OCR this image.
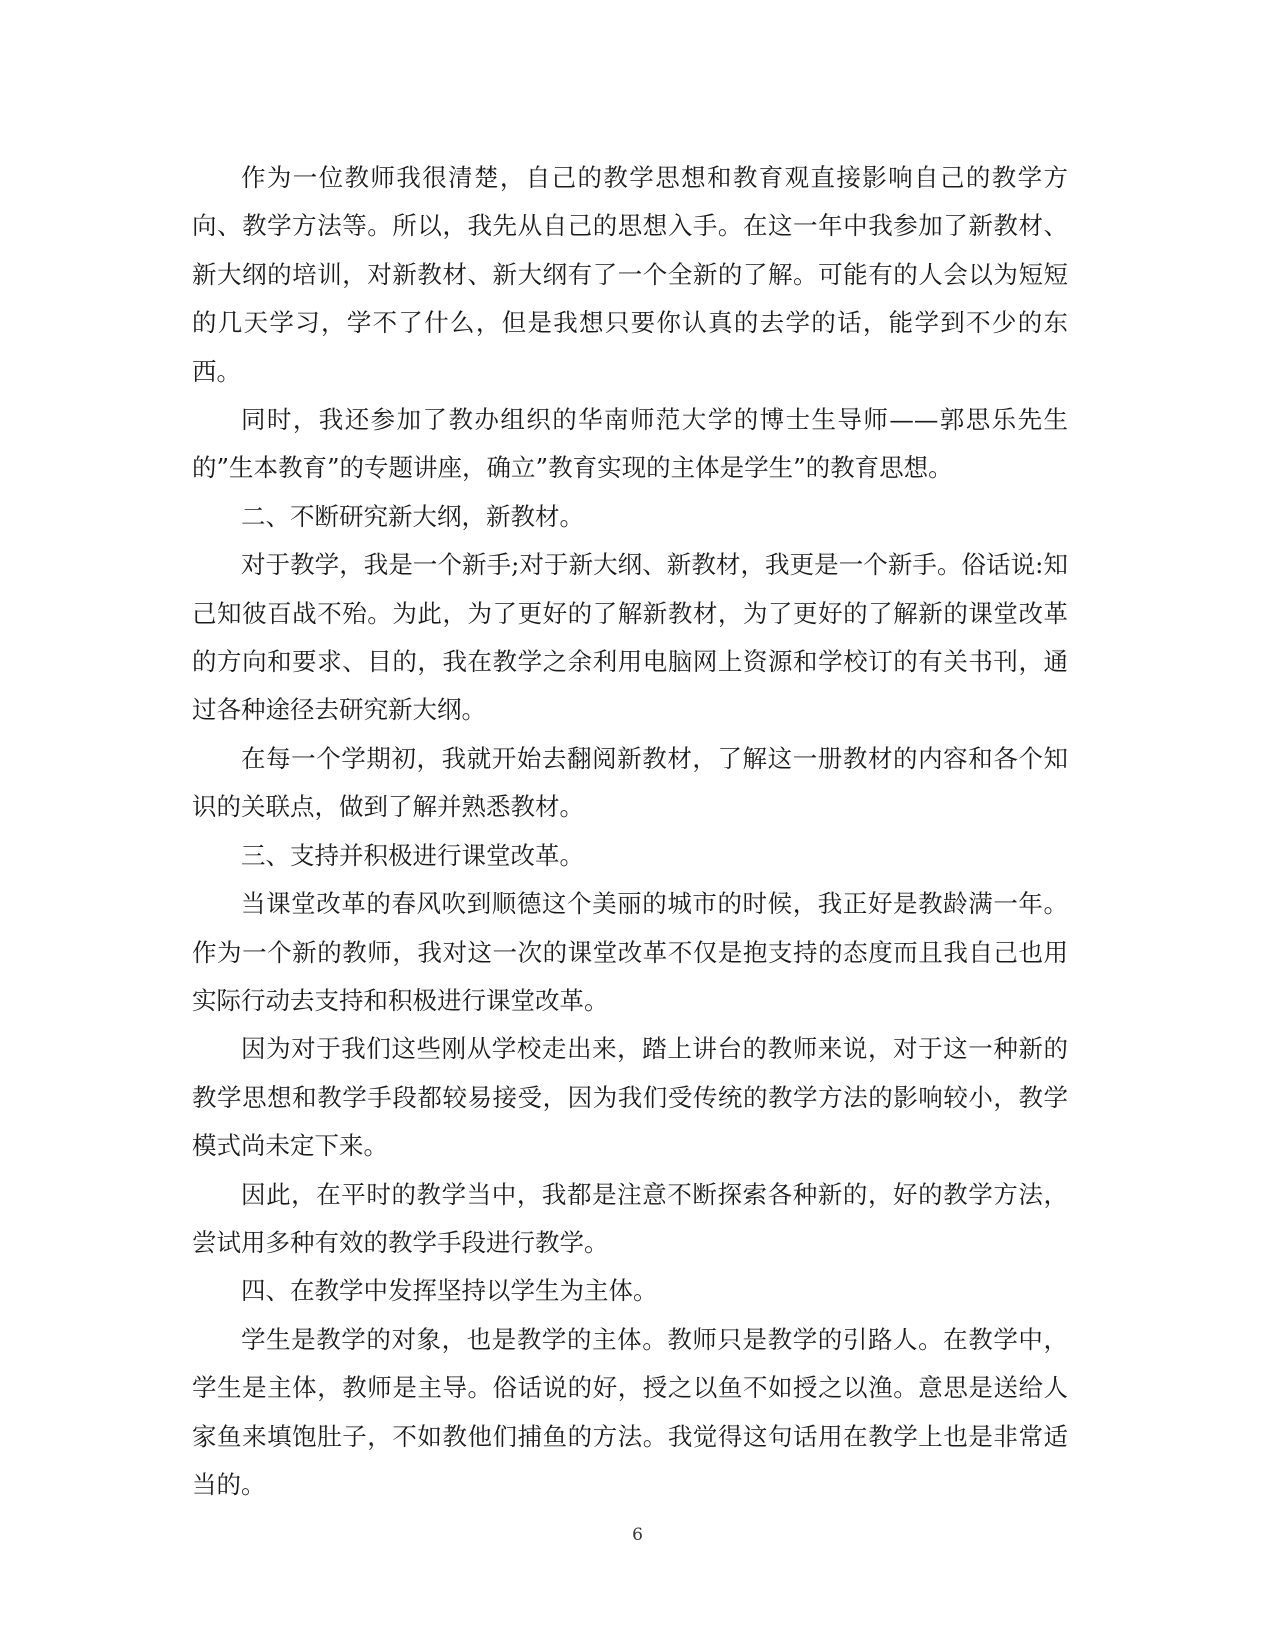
作为一位教师我很清楚，自己的教学思想和教育观直接影响自己的教学方向、教学方法等。所以，我先从自己的思想入手。在这一年中我参加了新教材、新大纲的培训，对新教材、新大纲有了一个全新的了解。可能有的人会以为短短的几天学习，学不了什么，但是我想只要你认真的去学的话，能学到不少的东西。

同时，我还参加了教办组织的华南师范大学的博士生导师——郭思乐先生的”生本教育”的专题讲座，确立”教育实现的主体是学生”的教育思想。

二、不断研究新大纲，新教材。

对于教学，我是一个新手;对于新大纲、新教材，我更是一个新手。俗话说:知己知彼百战不殆。为此，为了更好的了解新教材，为了更好的了解新的课堂改革的方向和要求、目的，我在教学之余利用电脑网上资源和学校订的有关书刊，通过各种途径去研究新大纲。

在每一个学期初，我就开始去翻阅新教材，了解这一册教材的内容和各个知识的关联点，做到了解并熟悉教材。

三、支持并积极进行课堂改革。

当课堂改革的春风吹到顺德这个美丽的城市的时候，我正好是教龄满一年。作为一个新的教师，我对这一次的课堂改革不仅是抱支持的态度而且我自己也用实际行动去支持和积极进行课堂改革。

因为对于我们这些刚从学校走出来，踏上讲台的教师来说，对于这一种新的教学思想和教学手段都较易接受，因为我们受传统的教学方法的影响较小，教学模式尚未定下来。

因此，在平时的教学当中，我都是注意不断探索各种新的，好的教学方法，尝试用多种有效的教学手段进行教学。

四、在教学中发挥坚持以学生为主体。

学生是教学的对象，也是教学的主体。教师只是教学的引路人。在教学中，学生是主体，教师是主导。俗话说的好，授之以鱼不如授之以渔。意思是送给人家鱼来填饱肚子，不如教他们捕鱼的方法。我觉得这句话用在教学上也是非常适当的。

6
